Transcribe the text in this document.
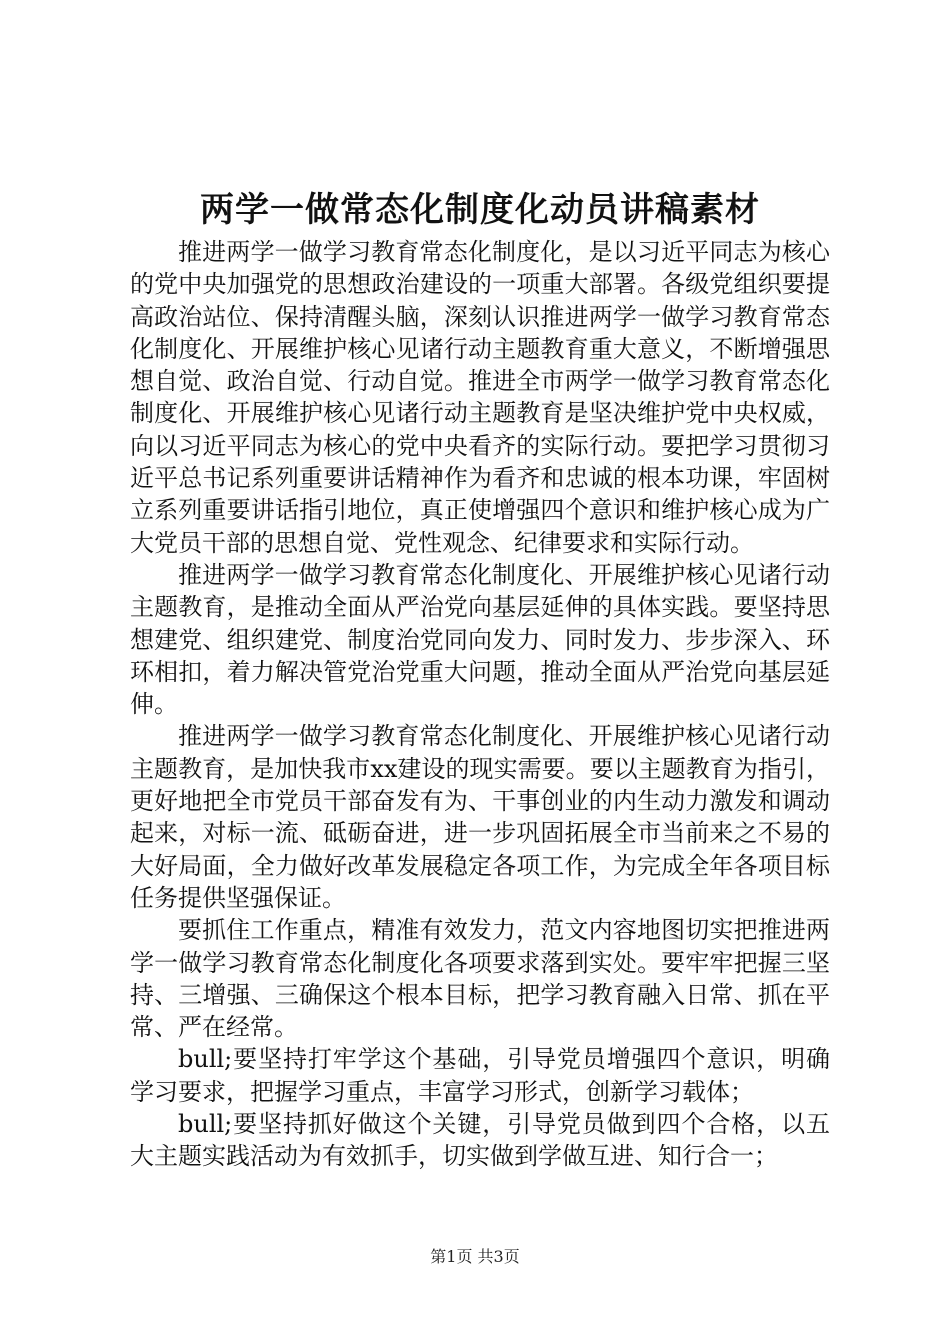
两学一做常态化制度化动员讲稿素材

推进两学一做学习教育常态化制度化，是以习近平同志为核心的党中央加强党的思想政治建设的一项重大部署。各级党组织要提高政治站位、保持清醒头脑，深刻认识推进两学一做学习教育常态化制度化、开展维护核心见诸行动主题教育重大意义，不断增强思想自觉、政治自觉、行动自觉。推进全市两学一做学习教育常态化制度化、开展维护核心见诸行动主题教育是坚决维护党中央权威，向以习近平同志为核心的党中央看齐的实际行动。要把学习贯彻习近平总书记系列重要讲话精神作为看齐和忠诚的根本功课，牢固树立系列重要讲话指引地位，真正使增强四个意识和维护核心成为广大党员干部的思想自觉、党性观念、纪律要求和实际行动。

推进两学一做学习教育常态化制度化、开展维护核心见诸行动主题教育，是推动全面从严治党向基层延伸的具体实践。要坚持思想建党、组织建党、制度治党同向发力、同时发力、步步深入、环环相扣，着力解决管党治党重大问题，推动全面从严治党向基层延伸。

推进两学一做学习教育常态化制度化、开展维护核心见诸行动主题教育，是加快我市xx建设的现实需要。要以主题教育为指引，更好地把全市党员干部奋发有为、干事创业的内生动力激发和调动起来，对标一流、砥砺奋进，进一步巩固拓展全市当前来之不易的大好局面，全力做好改革发展稳定各项工作，为完成全年各项目标任务提供坚强保证。

要抓住工作重点，精准有效发力，范文内容地图切实把推进两学一做学习教育常态化制度化各项要求落到实处。要牢牢把握三坚持、三增强、三确保这个根本目标，把学习教育融入日常、抓在平常、严在经常。

bull;要坚持打牢学这个基础，引导党员增强四个意识，明确学习要求，把握学习重点，丰富学习形式，创新学习载体；

bull;要坚持抓好做这个关键，引导党员做到四个合格，以五大主题实践活动为有效抓手，切实做到学做互进、知行合一；

第1页 共3页
